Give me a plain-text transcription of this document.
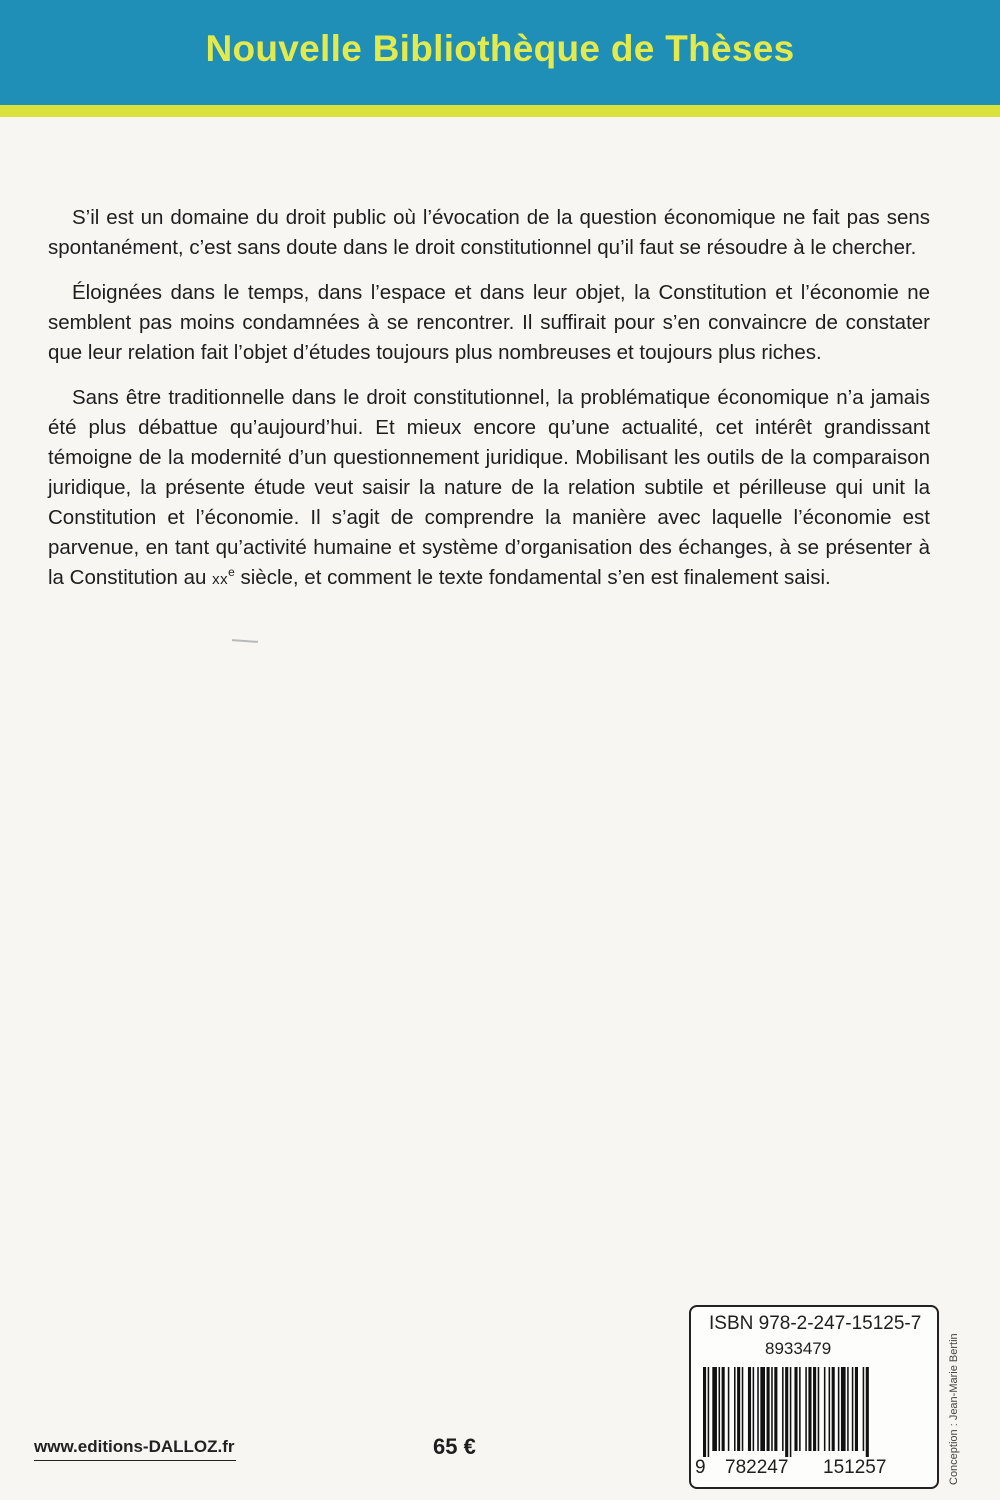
Nouvelle Bibliothèque de Thèses

S’il est un domaine du droit public où l’évocation de la question économique ne fait pas sens spontanément, c’est sans doute dans le droit constitutionnel qu’il faut se résoudre à le chercher.

Éloignées dans le temps, dans l’espace et dans leur objet, la Constitution et l’économie ne semblent pas moins condamnées à se rencontrer. Il suffirait pour s’en convaincre de constater que leur relation fait l’objet d’études toujours plus nombreuses et toujours plus riches.

Sans être traditionnelle dans le droit constitutionnel, la problématique économique n’a jamais été plus débattue qu’aujourd’hui. Et mieux encore qu’une actualité, cet intérêt grandissant témoigne de la modernité d’un questionnement juridique. Mobilisant les outils de la comparaison juridique, la présente étude veut saisir la nature de la relation subtile et périlleuse qui unit la Constitution et l’économie. Il s’agit de comprendre la manière avec laquelle l’économie est parvenue, en tant qu’activité humaine et système d’organisation des échanges, à se présenter à la Constitution au $xx^e$ siècle, et comment le texte fondamental s’en est finalement saisi.

ISBN 978-2-247-15125-7
8933479
9 782247 151257	Conception : Jean-Marie Bertin
www.editions-DALLOZ.fr	65 €
